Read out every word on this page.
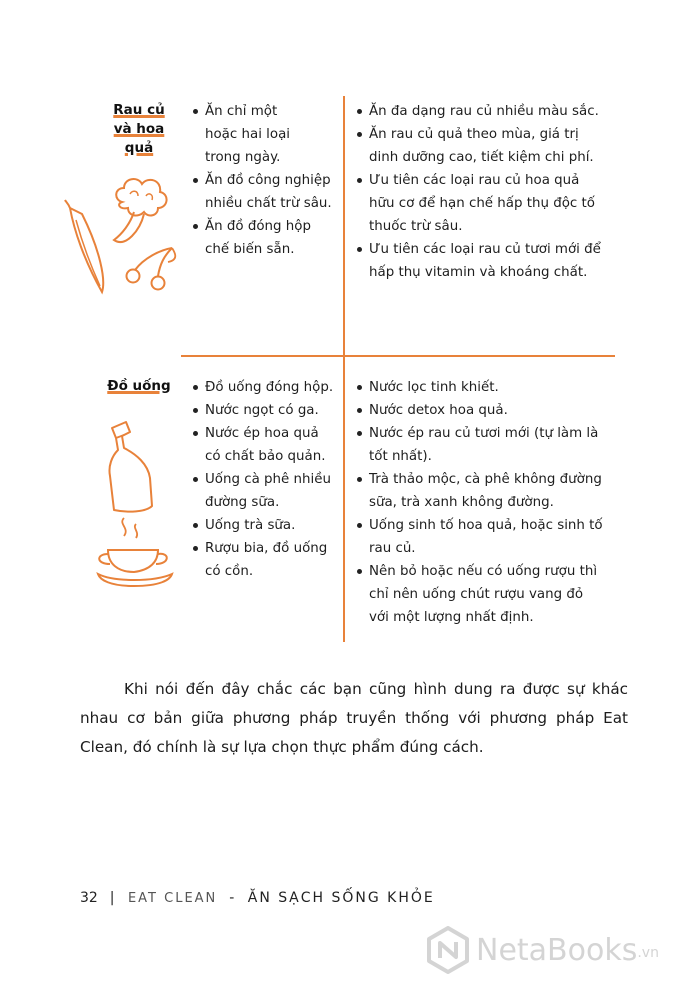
Rau củ
và hoa
quả
Ăn chỉ một
hoặc hai loại
trong ngày.
Ăn đồ công nghiệp
nhiều chất trừ sâu.
Ăn đồ đóng hộp
chế biến sẵn.
Ăn đa dạng rau củ nhiều màu sắc.
Ăn rau củ quả theo mùa, giá trị
dinh dưỡng cao, tiết kiệm chi phí.
Ưu tiên các loại rau củ hoa quả
hữu cơ để hạn chế hấp thụ độc tố
thuốc trừ sâu.
Ưu tiên các loại rau củ tươi mới để
hấp thụ vitamin và khoáng chất.
Đồ uống	Đồ uống đóng hộp.
Nước ngọt có ga.
Nước ép hoa quả
có chất bảo quản.
Uống cà phê nhiều
đường sữa.
Uống trà sữa.
Rượu bia, đồ uống
có cồn.
Nước lọc tinh khiết.
Nước detox hoa quả.
Nước ép rau củ tươi mới (tự làm là
tốt nhất).
Trà thảo mộc, cà phê không đường
sữa, trà xanh không đường.
Uống sinh tố hoa quả, hoặc sinh tố
rau củ.
Nên bỏ hoặc nếu có uống rượu thì
chỉ nên uống chút rượu vang đỏ
với một lượng nhất định.

Khi nói đến đây chắc các bạn cũng hình dung ra được sự khác nhau cơ bản giữa phương pháp truyền thống với phương pháp Eat Clean, đó chính là sự lựa chọn thực phẩm đúng cách.

32 | EAT CLEAN - ĂN SẠCH SỐNG KHỎE
NetaBooks .vn
